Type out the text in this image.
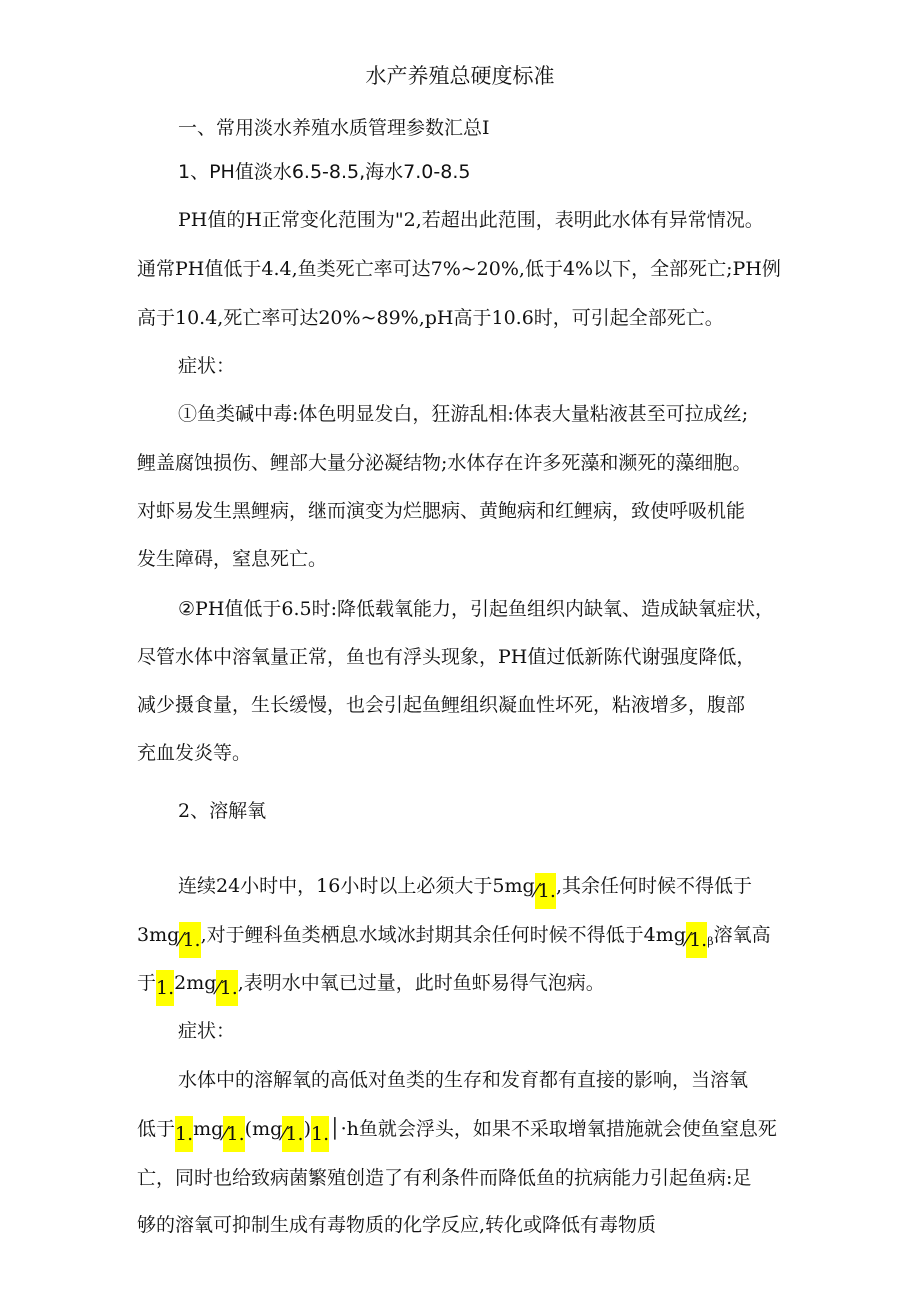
水产养殖总硬度标准
一、常用淡水养殖水质管理参数汇总I
1、PH值淡水6.5-8.5,海水7.0-8.5
PH值的H正常变化范围为"2,若超出此范围，表明此水体有异常情况。
通常PH值低于4.4,鱼类死亡率可达7%~20%,低于4%以下，全部死亡;PH例
高于10.4,死亡率可达20%~89%,pH高于10.6时，可引起全部死亡。
症状：
①鱼类碱中毒:体色明显发白，狂游乱相:体表大量粘液甚至可拉成丝;
鲤盖腐蚀损伤、鲤部大量分泌凝结物;水体存在许多死藻和濒死的藻细胞。
对虾易发生黑鲤病，继而演变为烂腮病、黄鲍病和红鲤病，致使呼吸机能
发生障碍，窒息死亡。
②PH值低于6.5时:降低载氧能力，引起鱼组织内缺氧、造成缺氧症状，
尽管水体中溶氧量正常，鱼也有浮头现象，PH值过低新陈代谢强度降低，
减少摄食量，生长缓慢，也会引起鱼鲤组织凝血性坏死，粘液增多，腹部
充血发炎等。
2、溶解氧
连续24小时中，16小时以上必须大于5mg⁄1.,其余任何时候不得低于
3mg⁄1.,对于鲤科鱼类栖息水域冰封期其余任何时候不得低于$4mg⁄1._\beta$溶氧高
于1.2mg⁄1.,表明水中氧已过量，此时鱼虾易得气泡病。
症状：
水体中的溶解氧的高低对鱼类的生存和发育都有直接的影响，当溶氧
低于1.mg⁄1.(mg⁄1.)1.│·h鱼就会浮头，如果不采取增氧措施就会使鱼窒息死
亡，同时也给致病菌繁殖创造了有利条件而降低鱼的抗病能力引起鱼病:足
够的溶氧可抑制生成有毒物质的化学反应,转化或降低有毒物质
